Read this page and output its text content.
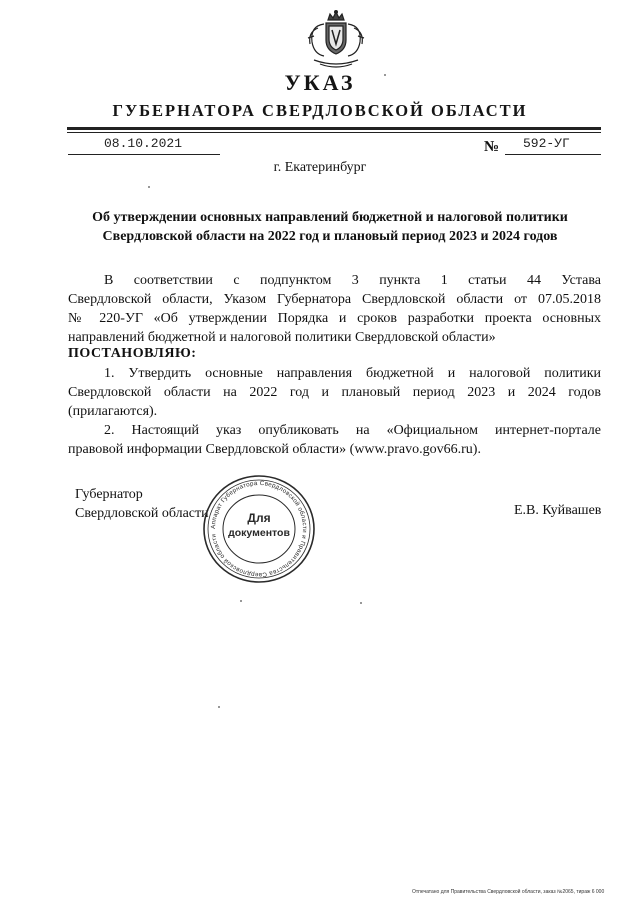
УКАЗ
ГУБЕРНАТОРА СВЕРДЛОВСКОЙ ОБЛАСТИ
08.10.2021	№ 592-УГ
г. Екатеринбург
Об утверждении основных направлений бюджетной и налоговой политики
Свердловской области на 2022 год и плановый период 2023 и 2024 годов
В соответствии с подпунктом 3 пункта 1 статьи 44 Устава
Свердловской области, Указом Губернатора Свердловской области от 07.05.2018
№ 220-УГ «Об утверждении Порядка и сроков разработки проекта основных
направлений бюджетной и налоговой политики Свердловской области»
ПОСТАНОВЛЯЮ:
1. Утвердить основные направления бюджетной и налоговой политики
Свердловской области на 2022 год и плановый период 2023 и 2024 годов
(прилагаются).
2. Настоящий указ опубликовать на «Официальном интернет-портале
правовой информации Свердловской области» (www.pravo.gov66.ru).
Губернатор
Свердловской области	Е.В. Куйвашев
Аппарат Губернатора Свердловской области и Правительства Свердловской области
Для
документов
Отпечатано для Правительства Свердловской области, заказ №2065, тираж 6 000
